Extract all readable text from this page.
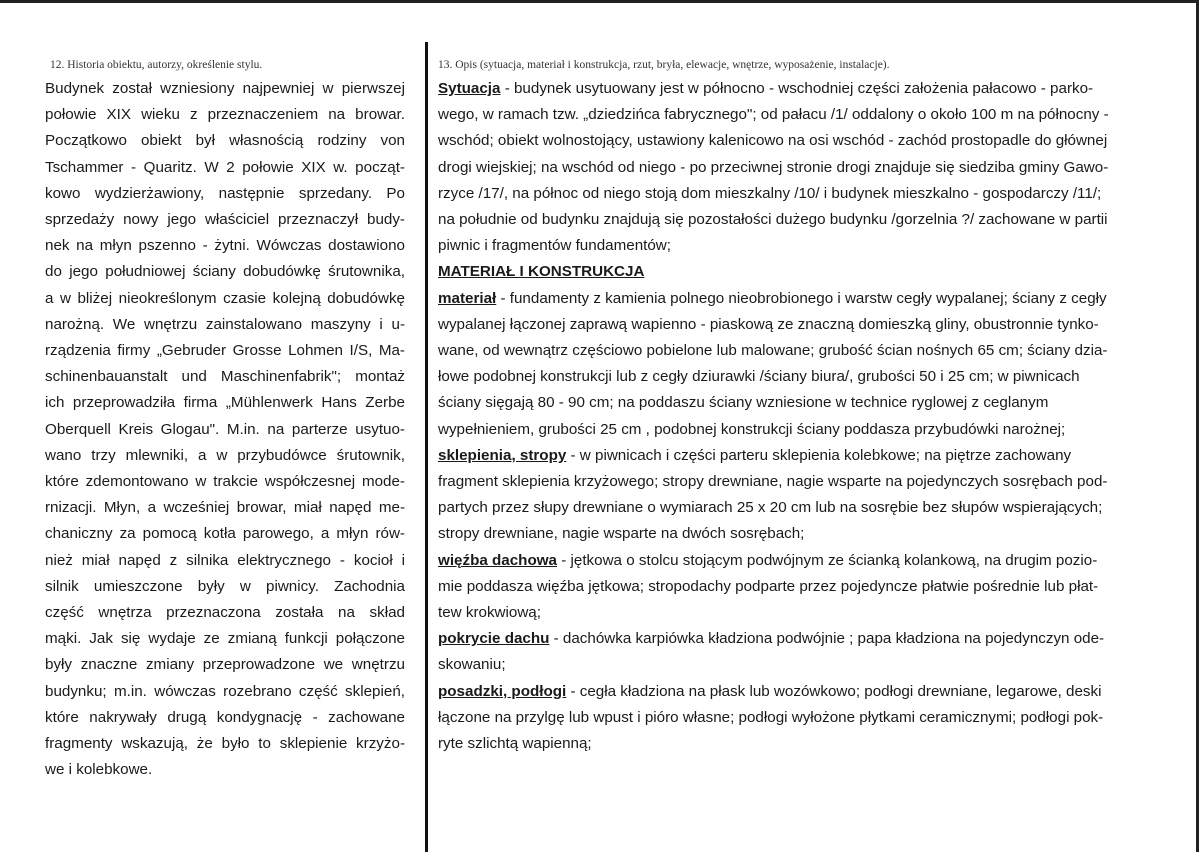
12. Historia obiektu, autorzy, określenie stylu.
Budynek został wzniesiony najpewniej w pierwszej
połowie XIX wieku z przeznaczeniem na browar.
Początkowo obiekt był własnością rodziny von
Tschammer - Quaritz. W 2 połowie XIX w. począt-
kowo wydzierżawiony, następnie sprzedany. Po
sprzedaży nowy jego właściciel przeznaczył budy-
nek na młyn pszenno - żytni. Wówczas dostawiono
do jego południowej ściany dobudówkę śrutownika,
a w bliżej nieokreślonym czasie kolejną dobudówkę
narożną. We wnętrzu zainstalowano maszyny i u-
rządzenia firmy „Gebruder Grosse Lohmen I/S, Ma-
schinenbauanstalt und Maschinenfabrik"; montaż
ich przeprowadziła firma „Mühlenwerk Hans Zerbe
Oberquell Kreis Glogau". M.in. na parterze usytuo-
wano trzy mlewniki, a w przybudówce śrutownik,
które zdemontowano w trakcie współczesnej mode-
rnizacji. Młyn, a wcześniej browar, miał napęd me-
chaniczny za pomocą kotła parowego, a młyn rów-
nież miał napęd z silnika elektrycznego - kocioł i
silnik umieszczone były w piwnicy. Zachodnia
część wnętrza przeznaczona została na skład
mąki. Jak się wydaje ze zmianą funkcji połączone
były znaczne zmiany przeprowadzone we wnętrzu
budynku; m.in. wówczas rozebrano część sklepień,
które nakrywały drugą kondygnację - zachowane
fragmenty wskazują, że było to sklepienie krzyżo-
we i kolebkowe.
13. Opis (sytuacja, materiał i konstrukcja, rzut, bryła, elewacje, wnętrze, wyposażenie, instalacje).
Sytuacja - budynek usytuowany jest w północno - wschodniej części założenia pałacowo - parko-
wego, w ramach tzw. „dziedzińca fabrycznego"; od pałacu /1/ oddalony o około 100 m na północny -
wschód; obiekt wolnostojący, ustawiony kalenicowo na osi wschód - zachód prostopadle do głównej
drogi wiejskiej; na wschód od niego - po przeciwnej stronie drogi znajduje się siedziba gminy Gawo-
rzyce /17/, na północ od niego stoją dom mieszkalny /10/ i budynek mieszkalno - gospodarczy /11/;
na południe od budynku znajdują się pozostałości dużego budynku /gorzelnia ?/ zachowane w partii
piwnic i fragmentów fundamentów;
MATERIAŁ I KONSTRUKCJA
materiał - fundamenty z kamienia polnego nieobrobionego i warstw cegły wypalanej; ściany z cegły
wypalanej łączonej zaprawą wapienno - piaskową ze znaczną domieszką gliny, obustronnie tynko-
wane, od wewnątrz częściowo pobielone lub malowane; grubość ścian nośnych 65 cm; ściany dzia-
łowe podobnej konstrukcji lub z cegły dziurawki /ściany biura/, grubości 50 i 25 cm; w piwnicach
ściany sięgają 80 - 90 cm; na poddaszu ściany wzniesione w technice ryglowej z ceglanym
wypełnieniem, grubości 25 cm , podobnej konstrukcji ściany poddasza przybudówki narożnej;
sklepienia, stropy - w piwnicach i części parteru sklepienia kolebkowe; na piętrze zachowany
fragment sklepienia krzyżowego; stropy drewniane, nagie wsparte na pojedynczych sosrębach pod-
partych przez słupy drewniane o wymiarach 25 x 20 cm lub na sosrębie bez słupów wspierających;
stropy drewniane, nagie wsparte na dwóch sosrębach;
więźba dachowa - jętkowa o stolcu stojącym podwójnym ze ścianką kolankową, na drugim pozio-
mie poddasza więźba jętkowa; stropodachy podparte przez pojedyncze płatwie pośrednie lub płat-
tew krokwiową;
pokrycie dachu - dachówka karpiówka kładziona podwójnie ; papa kładziona na pojedynczyn ode-
skowaniu;
posadzki, podłogi - cegła kładziona na płask lub wozówkowo; podłogi drewniane, legarowe, deski
łączone na przylgę lub wpust i pióro własne; podłogi wyłożone płytkami ceramicznymi; podłogi pok-
ryte szlichtą wapienną;
